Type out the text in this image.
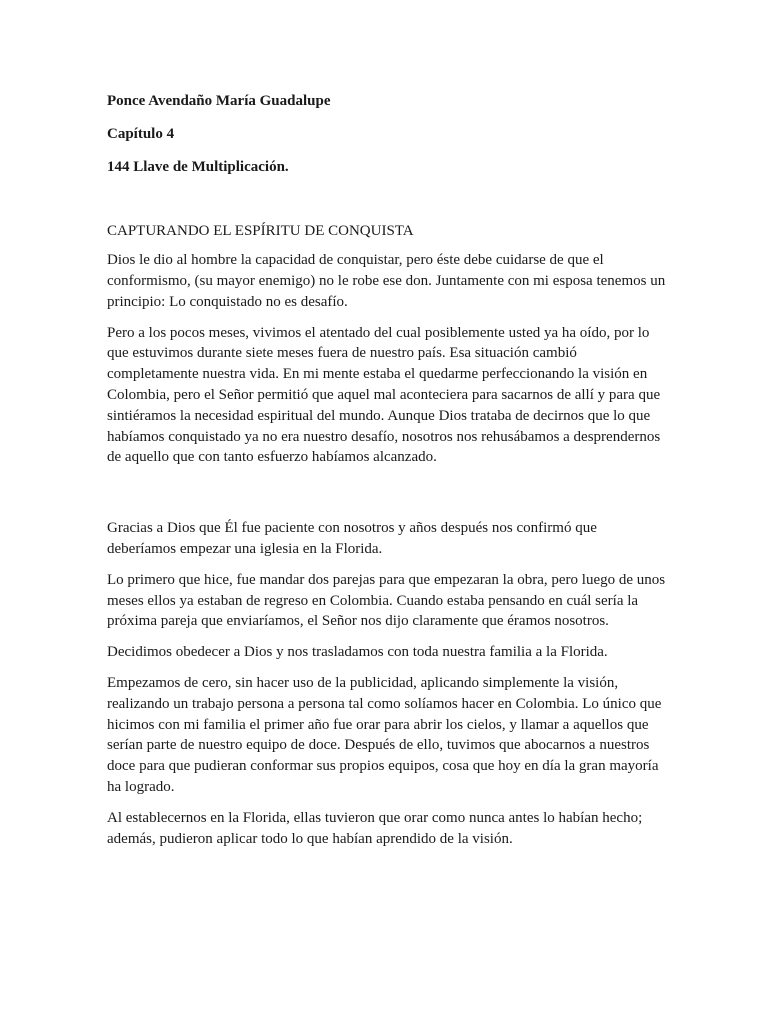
Ponce Avendaño María Guadalupe

Capítulo 4

144 Llave de Multiplicación.

CAPTURANDO EL ESPÍRITU DE CONQUISTA

Dios le dio al hombre la capacidad de conquistar, pero éste debe cuidarse de que el conformismo, (su mayor enemigo) no le robe ese don. Juntamente con mi esposa tenemos un principio: Lo conquistado no es desafío.

Pero a los pocos meses, vivimos el atentado del cual posiblemente usted ya ha oído, por lo que estuvimos durante siete meses fuera de nuestro país. Esa situación cambió completamente nuestra vida. En mi mente estaba el quedarme perfeccionando la visión en Colombia, pero el Señor permitió que aquel mal aconteciera para sacarnos de allí y para que sintiéramos la necesidad espiritual del mundo. Aunque Dios trataba de decirnos que lo que habíamos conquistado ya no era nuestro desafío, nosotros nos rehusábamos a desprendernos de aquello que con tanto esfuerzo habíamos alcanzado.

Gracias a Dios que Él fue paciente con nosotros y años después nos confirmó que deberíamos empezar una iglesia en la Florida.

Lo primero que hice, fue mandar dos parejas para que empezaran la obra, pero luego de unos meses ellos ya estaban de regreso en Colombia. Cuando estaba pensando en cuál sería la próxima pareja que enviaríamos, el Señor nos dijo claramente que éramos nosotros.

Decidimos obedecer a Dios y nos trasladamos con toda nuestra familia a la Florida.

Empezamos de cero, sin hacer uso de la publicidad, aplicando simplemente la visión, realizando un trabajo persona a persona tal como solíamos hacer en Colombia. Lo único que hicimos con mi familia el primer año fue orar para abrir los cielos, y llamar a aquellos que serían parte de nuestro equipo de doce. Después de ello, tuvimos que abocarnos a nuestros doce para que pudieran conformar sus propios equipos, cosa que hoy en día la gran mayoría ha logrado.

Al establecernos en la Florida, ellas tuvieron que orar como nunca antes lo habían hecho; además, pudieron aplicar todo lo que habían aprendido de la visión.
